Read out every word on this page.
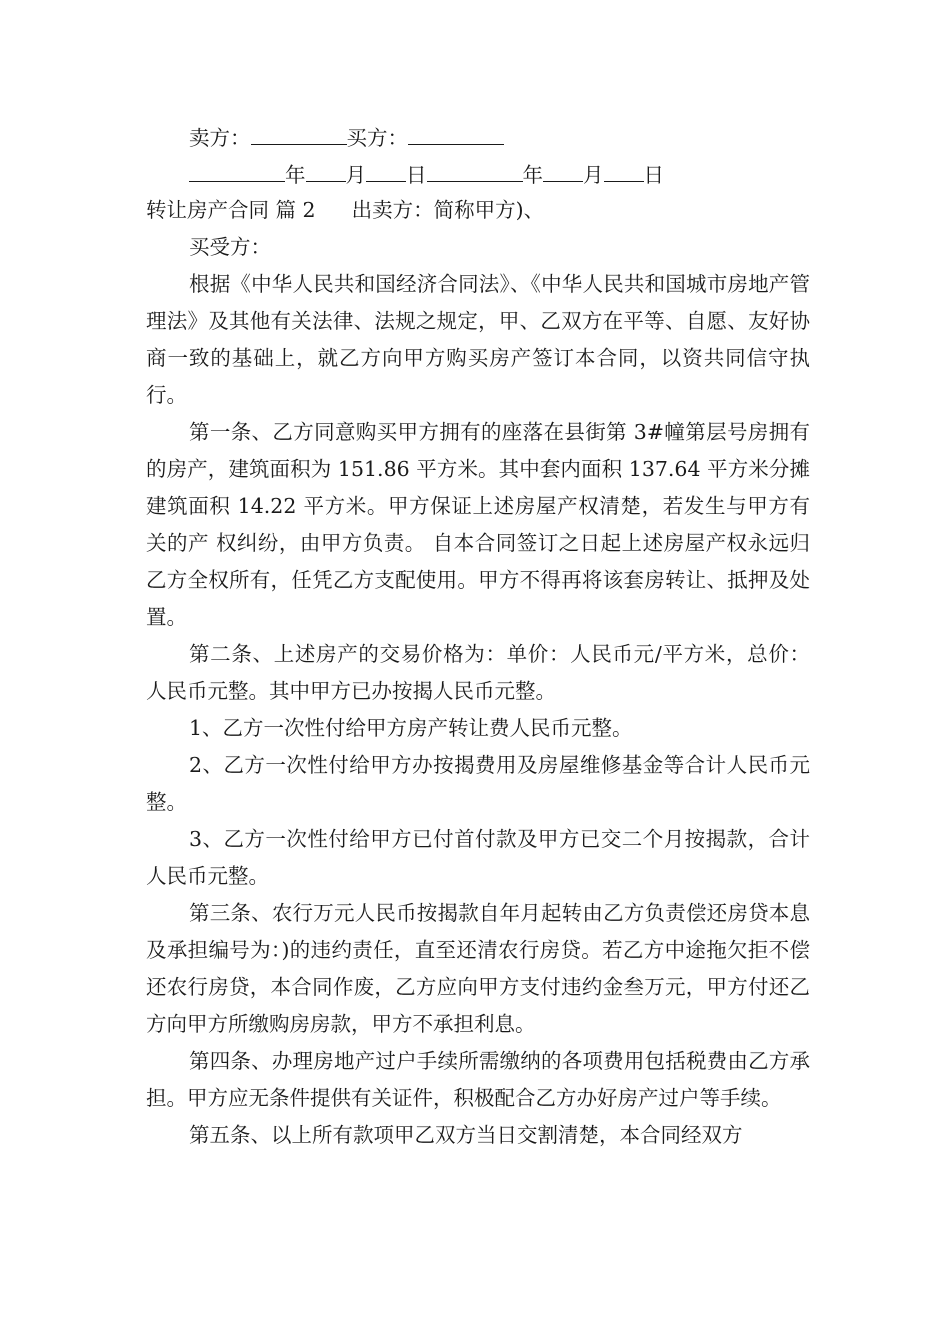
卖方：	买方：
年 月 日	年 月 日
转让房产合同 篇 2 出卖方：简称甲方)、
买受方：

根据《中华人民共和国经济合同法》、《中华人民共和国城市房地产管理法》及其他有关法律、法规之规定，甲、乙双方在平等、自愿、友好协商一致的基础上，就乙方向甲方购买房产签订本合同，以资共同信守执行。

第一条、乙方同意购买甲方拥有的座落在县街第 3#幢第层号房拥有的房产，建筑面积为 151.86 平方米。其中套内面积 137.64 平方米分摊建筑面积 14.22 平方米。甲方保证上述房屋产权清楚，若发生与甲方有关的产 权纠纷，由甲方负责。 自本合同签订之日起上述房屋产权永远归乙方全权所有，任凭乙方支配使用。甲方不得再将该套房转让、抵押及处置。

第二条、上述房产的交易价格为：单价：人民币元/平方米，总价：人民币元整。其中甲方已办按揭人民币元整。

1、乙方一次性付给甲方房产转让费人民币元整。

2、乙方一次性付给甲方办按揭费用及房屋维修基金等合计人民币元整。

3、乙方一次性付给甲方已付首付款及甲方已交二个月按揭款，合计人民币元整。

第三条、农行万元人民币按揭款自年月起转由乙方负责偿还房贷本息及承担编号为：)的违约责任，直至还清农行房贷。若乙方中途拖欠拒不偿还农行房贷，本合同作废，乙方应向甲方支付违约金叁万元，甲方付还乙方向甲方所缴购房房款，甲方不承担利息。

第四条、办理房地产过户手续所需缴纳的各项费用包括税费由乙方承担。甲方应无条件提供有关证件，积极配合乙方办好房产过户等手续。

第五条、以上所有款项甲乙双方当日交割清楚，本合同经双方
